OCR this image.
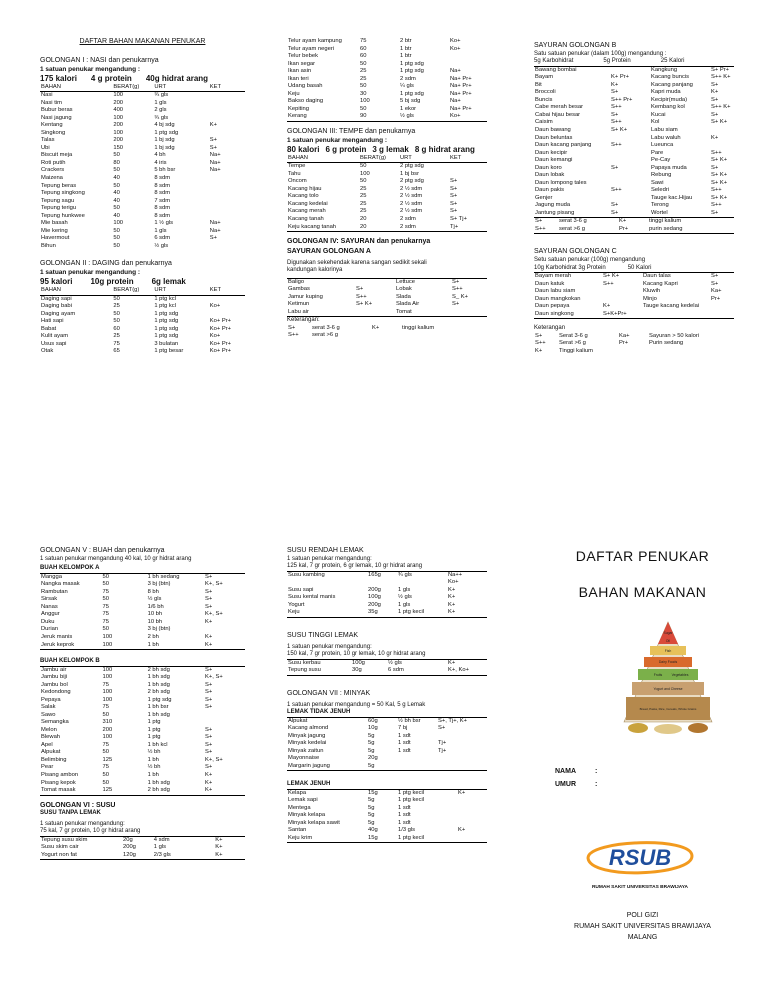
DAFTAR BAHAN MAKANAN PENUKAR
GOLONGAN I : NASI dan penukarnya
1 satuan penukar mengandung :
175 kalori 4 g protein 40g hidrat arang
BAHAN	BERAT(g)	URT	KET
Nasi	100	¾ gls	
Nasi tim	200	1 gls	
Bubur beras	400	2 gls	
Nasi jagung	100	¾ gls	
Kentang	200	4 bj sdg	K+
Singkong	100	1 ptg sdg	
Talas	200	1 bj sdg	S+
Ubi	150	1 bj sdg	S+
Biscuit meja	50	4 bh	Na+
Roti putih	80	4 iris	Na+
Crackers	50	5 bh bsr	Na+
Maizena	40	8 sdm	
Tepung beras	50	8 sdm	
Tepung singkong	40	8 sdm	
Tepung sagu	40	7 sdm	
Tepung terigu	50	8 sdm	
Tepung hunkwee	40	8 sdm	
Mie basah	100	1 ½ gls	Na+
Mie kering	50	1 gls	Na+
Havermout	50	6 sdm	S+
Bihun	50	½ gls	
GOLONGAN II : DAGING dan penukarnya
1 satuan penukar mengandung :
95 kalori 10g protein 6g lemak
BAHAN	BERAT(g)	URT	KET
Daging sapi	50	1 ptg kcl	
Daging babi	25	1 ptg kcl	Ko+
Daging ayam	50	1 ptg sdg	
Hati sapi	50	1 ptg sdg	Ko+ Pr+
Babat	60	1 ptg sdg	Ko+ Pr+
Kulit ayam	25	1 ptg sdg	Ko+
Usus sapi	75	3 bulatan	Ko+ Pr+
Otak	65	1 ptg besar	Ko+ Pr+
Telur ayam kampung	75	2 btr	Ko+
Telur ayam negeri	60	1 btr	Ko+
Telur bebek	60	1 btr	
Ikan segar	50	1 ptg sdg	
Ikan asin	25	1 ptg sdg	Na+
Ikan teri	25	2 sdm	Na+ Pr+
Udang basah	50	¼ gls	Na+ Pr+
Keju	30	1 ptg sdg	Na+ Pr+
Bakso daging	100	5 bj sdg	Na+
Kepiting	50	1 ekor	Na+ Pr+
Kerang	90	½ gls	Ko+
GOLONGAN III: TEMPE dan penukarnya
1 satuan penukar mengandung :
80 kalori 6 g protein 3 g lemak 8 g hidrat arang
BAHAN	BERAT(g)	URT	KET
Tempe	50	2 ptg sdg	
Tahu	100	1 bj bsr	
Oncom	50	2 ptg sdg	S+
Kacang hijau	25	2 ½ sdm	S+
Kacang tolo	25	2 ½ sdm	S+
Kacang kedelai	25	2 ½ sdm	S+
Kacang merah	25	2 ½ sdm	S+
Kacang tanah	20	2 sdm	S+ Tj+
Keju kacang tanah	20	2 sdm	Tj+
GOLONGAN IV: SAYURAN dan penukarnya
SAYURAN GOLONGAN A
Digunakan sekehendak karena sangan sedikit sekali kandungan kalorinya
Baligo		Lettuce	S+
Gambas	S+	Lobak	S++
Jamur kuping	S++	Slada	S_ K+
Ketimun	S+ K+	Slada Air	S+
Labu air		Tomat	
Keterangan:
S+	serat 3-6 g	K+	tinggi kalium
S++	serat >6 g		
SAYURAN GOLONGAN B
Satu satuan penukar (dalam 100g) mengandung :
5g Karbohidrat	5g Protein	25 Kalori
Bawang bombai		Kangkung	S+ Pr+
Bayam	K+ Pr+	Kacang buncis	S++ K+
Bit	K+	Kacang panjang	S+
Broccoli	S+	Kapri muda	K+
Buncis	S++ Pr+	Kecipir(muda)	S+
Cabe merah besar	S++	Kembang kol	S++ K+
Cabai hijau besar	S+	Kucai	S+
Caisim	S++	Kol	S+ K+
Daun bawang	S+ K+	Labu siam	
Daun beluntas		Labu waluh	K+
Daun kacang panjang	S++	Lueunca	
Daun kecipir		Pare	S++
Daun kemangi		Pe-Cay	S+ K+
Daun koro	S+	Papaya muda	S+
Daun lobak		Rebung	S+ K+
Daun lompong tales		Sawi	S+ K+
Daun pakis	S++	Seledri	S++
Genjer		Tauge kac.Hijau	S+ K+
Jagung muda	S+	Terong	S++
Jantung pisang	S+	Wortel	S+
S+	serat 3-6 g	K+	tinggi kalium
S++	serat >6 g	Pr+	purin sedang
SAYURAN GOLONGAN C
Setu satuan penukar (100g) mengandung
10g Karbohidrat 3g Protein	50 Kalori
Bayam merah	S+ K+	Daun talas	S+
Daun katuk	S++	Kacang Kapri	S+
Daun labu siam		Kluwih	Ka+
Daun mangkokan		Minjo	Pr+
Daun pepaya	K+	Tauge kacang kedelai	
Daun singkong	S+K+Pr+		
Keterangan
S+	Serat 3-6 g	Ka+	Sayuran > 50 kalori
S++	Serat >6 g	Pr+	Purin sedang
K+	Tinggi kalium		
GOLONGAN V : BUAH dan penukarnya
1 satuan penukar mengandung 40 kal, 10 gr hidrat arang
BUAH KELOMPOK A
Mangga	50	1 bh sedang	S+
Nangka masak	50	3 bj (btn)	K+, S+
Rambutan	75	8 bh	S+
Sirsak	50	½ gls	S+
Nanas	75	1/6 bh	S+
Anggur	75	10 bh	K+, S+
Duku	75	10 bh	K+
Durian	50	3 bj (btn)	
Jeruk manis	100	2 bh	K+
Jeruk keprok	100	1 bh	K+
BUAH KELOMPOK B
Jambu air	100	2 bh sdg	S+
Jambu biji	100	1 bh sdg	K+, S+
Jambu bol	75	1 bh sdg	S+
Kedondong	100	2 bh sdg	S+
Pepaya	100	1 ptg sdg	S+
Salak	75	1 bh bsr	S+
Sawo	50	1 bh sdg	
Semangka	310	1 ptg	
Melon	200	1 ptg	S+
Blewah	100	1 ptg	S+
Apel	75	1 bh kcl	S+
Alpukat	50	½ bh	S+
Belimbing	125	1 bh	K+, S+
Pear	75	½ bh	S+
Pisang ambon	50	1 bh	K+
Pisang kepok	50	1 bh sdg	K+
Tomat masak	125	2 bh sdg	K+
GOLONGAN VI : SUSU
SUSU TANPA LEMAK
1 satuan penukar mengandung:
75 kal, 7 gr protein, 10 gr hidrat arang
Tepung susu skim	20g	4 sdm	K+
Susu skim cair	200g	1 gls	K+
Yogurt non fat	120g	2/3 gls	K+
SUSU RENDAH LEMAK
1 satuan penukar mengandung:
125 kal, 7 gr protein, 6 gr lemak, 10 gr hidrat arang
Susu kambing	165g	¾ gls	Na++
			Ko+
Susu sapi	200g	1 gls	K+
Susu kental manis	100g	½ gls	K+
Yogurt	200g	1 gls	K+
Keju	35g	1 ptg kecil	K+
SUSU TINGGI LEMAK
1 satuan penukar mengandung:
150 kal, 7 gr protein, 10 gr lemak, 10 gr hidrat arang
Susu kerbau	100g	½ gls	K+
Tepung susu	30g	6 sdm	K+, Ko+
GOLONGAN VII : MINYAK
1 satuan penukar mengandung = 50 Kal, 5 g Lemak
LEMAK TIDAK JENUH
Alpukat	60g	½ bh bsr	S+, Tj+, K+
Kacang almond	10g	7 bj	S+
Minyak jagung	5g	1 sdt	
Minyak kedelai	5g	1 sdt	Tj+
Minyak zaitun	5g	1 sdt	Tj+
Mayonnaise	20g		
Margarin jagung	5g		
LEMAK JENUH
Kelapa	15g	1 ptg kecil	K+
Lemak sapi	5g	1 ptg kecil	
Mentega	5g	1 sdt	
Minyak kelapa	5g	1 sdt	
Minyak kelapa sawit	5g	1 sdt	
Santan	40g	1/3 gls	K+
Keju krim	15g	1 ptg kecil	
DAFTAR PENUKAR
BAHAN MAKANAN
Sugar
Oil
Fish
Dairy Foods
Fruits	Vegetables
Yogurt and Cheese
Bread, Pasta, Rice, Cereals, Whole Grains
NAMA	:
UMUR	:
RSUB
RUMAH SAKIT UNIVERSITAS BRAWIJAYA
POLI GIZI
RUMAH SAKIT UNIVERSITAS BRAWIJAYA
MALANG
